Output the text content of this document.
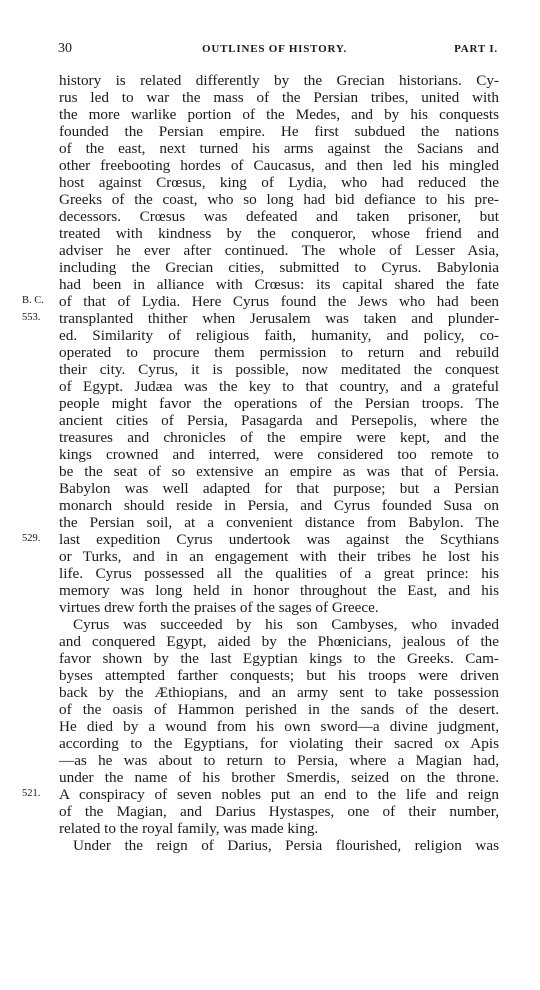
30	OUTLINES OF HISTORY.	PART I.
history is related differently by the Grecian historians. Cy-
rus led to war the mass of the Persian tribes, united with
the more warlike portion of the Medes, and by his conquests
founded the Persian empire. He first subdued the nations
of the east, next turned his arms against the Sacians and
other freebooting hordes of Caucasus, and then led his mingled
host against Crœsus, king of Lydia, who had reduced the
Greeks of the coast, who so long had bid defiance to his pre-
decessors. Crœsus was defeated and taken prisoner, but
treated with kindness by the conqueror, whose friend and
adviser he ever after continued. The whole of Lesser Asia,
including the Grecian cities, submitted to Cyrus. Babylonia
had been in alliance with Crœsus: its capital shared the fate
of that of Lydia. Here Cyrus found the Jews who had been
transplanted thither when Jerusalem was taken and plunder-
ed. Similarity of religious faith, humanity, and policy, co-
operated to procure them permission to return and rebuild
their city. Cyrus, it is possible, now meditated the conquest
of Egypt. Judæa was the key to that country, and a grateful
people might favor the operations of the Persian troops. The
ancient cities of Persia, Pasagarda and Persepolis, where the
treasures and chronicles of the empire were kept, and the
kings crowned and interred, were considered too remote to
be the seat of so extensive an empire as was that of Persia.
Babylon was well adapted for that purpose; but a Persian
monarch should reside in Persia, and Cyrus founded Susa on
the Persian soil, at a convenient distance from Babylon. The
last expedition Cyrus undertook was against the Scythians
or Turks, and in an engagement with their tribes he lost his
life. Cyrus possessed all the qualities of a great prince: his
memory was long held in honor throughout the East, and his
virtues drew forth the praises of the sages of Greece.
Cyrus was succeeded by his son Cambyses, who invaded
and conquered Egypt, aided by the Phœnicians, jealous of the
favor shown by the last Egyptian kings to the Greeks. Cam-
byses attempted farther conquests; but his troops were driven
back by the Æthiopians, and an army sent to take possession
of the oasis of Hammon perished in the sands of the desert.
He died by a wound from his own sword—a divine judgment,
according to the Egyptians, for violating their sacred ox Apis
—as he was about to return to Persia, where a Magian had,
under the name of his brother Smerdis, seized on the throne.
A conspiracy of seven nobles put an end to the life and reign
of the Magian, and Darius Hystaspes, one of their number,
related to the royal family, was made king.
Under the reign of Darius, Persia flourished, religion was
B. C.
553.
529.
521.
